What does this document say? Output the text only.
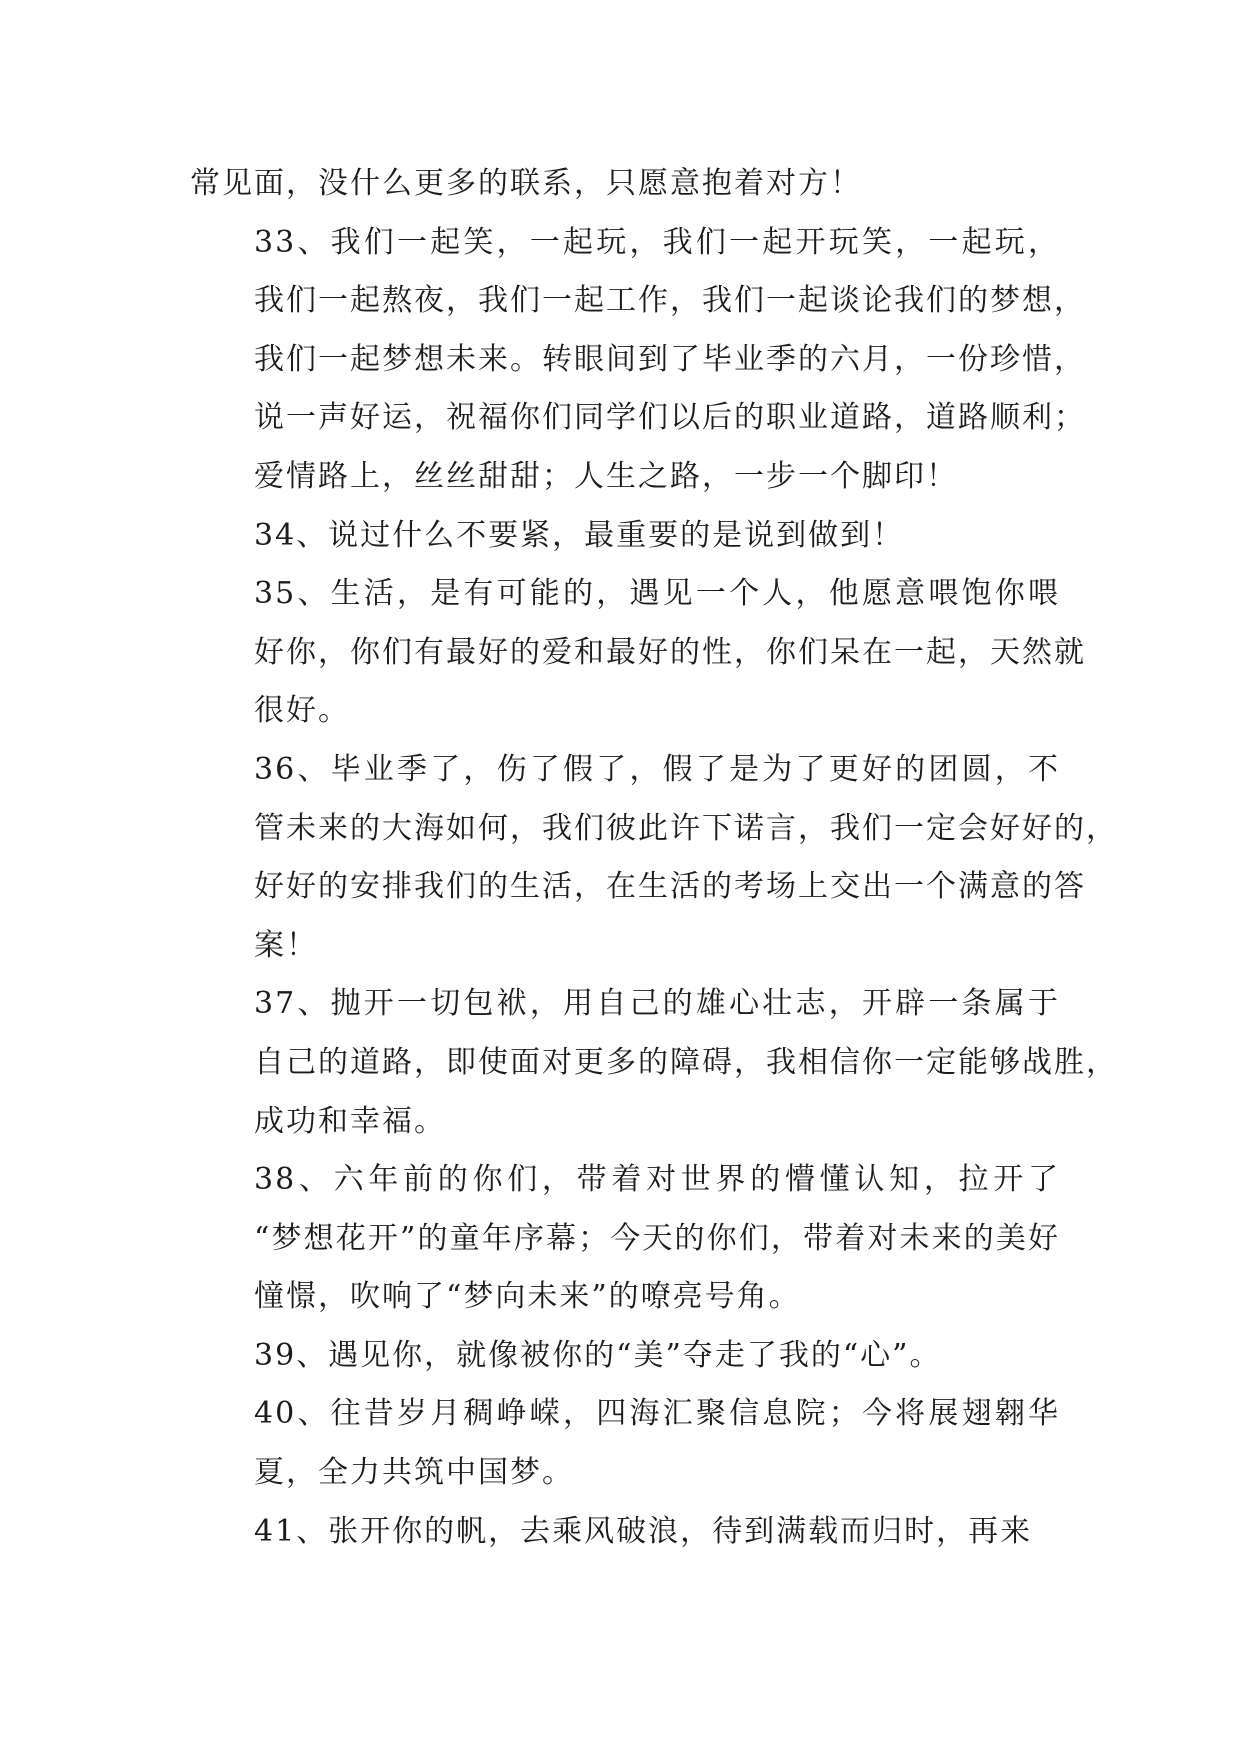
常见面，没什么更多的联系，只愿意抱着对方！

33、我们一起笑，一起玩，我们一起开玩笑，一起玩，
我们一起熬夜，我们一起工作，我们一起谈论我们的梦想，
我们一起梦想未来。转眼间到了毕业季的六月，一份珍惜，
说一声好运，祝福你们同学们以后的职业道路，道路顺利；
爱情路上，丝丝甜甜；人生之路，一步一个脚印！

34、说过什么不要紧，最重要的是说到做到！

35、生活，是有可能的，遇见一个人，他愿意喂饱你喂
好你，你们有最好的爱和最好的性，你们呆在一起，天然就
很好。

36、毕业季了，伤了假了，假了是为了更好的团圆，不
管未来的大海如何，我们彼此许下诺言，我们一定会好好的，
好好的安排我们的生活，在生活的考场上交出一个满意的答
案！

37、抛开一切包袱，用自己的雄心壮志，开辟一条属于
自己的道路，即使面对更多的障碍，我相信你一定能够战胜，
成功和幸福。

38、六年前的你们，带着对世界的懵懂认知，拉开了
“梦想花开”的童年序幕；今天的你们，带着对未来的美好
憧憬，吹响了“梦向未来”的嘹亮号角。

39、遇见你，就像被你的“美”夺走了我的“心”。

40、往昔岁月稠峥嵘，四海汇聚信息院；今将展翅翱华
夏，全力共筑中国梦。

41、张开你的帆，去乘风破浪，待到满载而归时，再来
